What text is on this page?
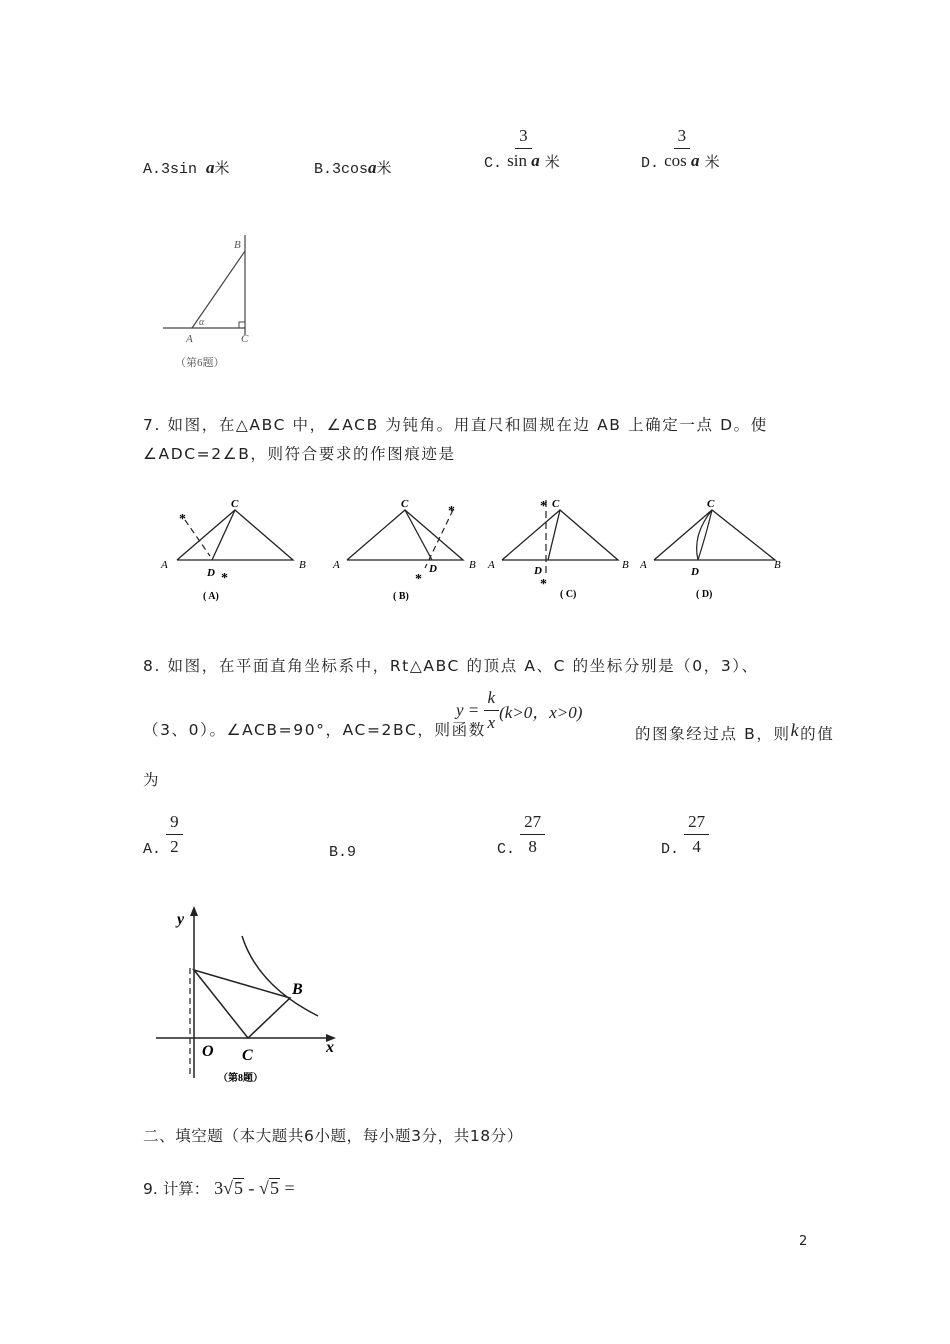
A.3sin a米	B.3cosa米	C. $\frac{3}{\text{sin a}}$ 米	D. $\frac{3}{\text{cos a}}$ 米
B
α
A	C
（第6题）
7. 如图，在△ABC 中，∠ACB 为钝角。用直尺和圆规在边 AB 上确定一点 D。使
∠ADC=2∠B，则符合要求的作图痕迹是
*
*
C
A	B
D
( A)
*
*
C
A	B
D
( B)
*
*
C
A	B
D
( C)
C
A	B
D
( D)
8. 如图，在平面直角坐标系中，Rt△ABC 的顶点 A、C 的坐标分别是（0，3）、
（3、0）。∠ACB=90°，AC=2BC，则函数
$y = \frac{k}{x} (k>0$，x>0)
的图象经过点 B，则k的值
为
A. $\frac{9}{2}$	B.9	C. $\frac{27}{8}$	D. $\frac{27}{4}$
y
x
O C
B
（第8题）
二、填空题（本大题共6小题，每小题3分，共18分）
9. 计算： 3√5 - √5 =
2
